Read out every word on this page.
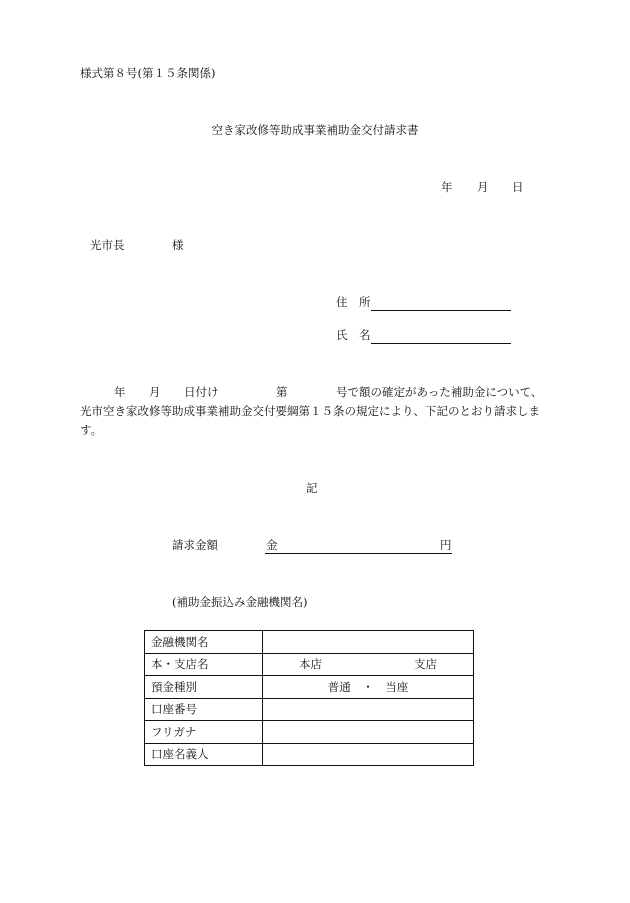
様式第８号(第１５条関係)
空き家改修等助成事業補助金交付請求書
年 月 日
光市長	様
住　所
氏　名
年 月 日付け	第	号で額の確定があった補助金について、
光市空き家改修等助成事業補助金交付要綱第１５条の規定により、下記のとおり請求しま
す。
記
請求金額	金	円
(補助金振込み金融機関名)
金融機関名	
本・支店名	本店 支店

預金種別	普通　・　当座
口座番号	
フリガナ	
口座名義人	
